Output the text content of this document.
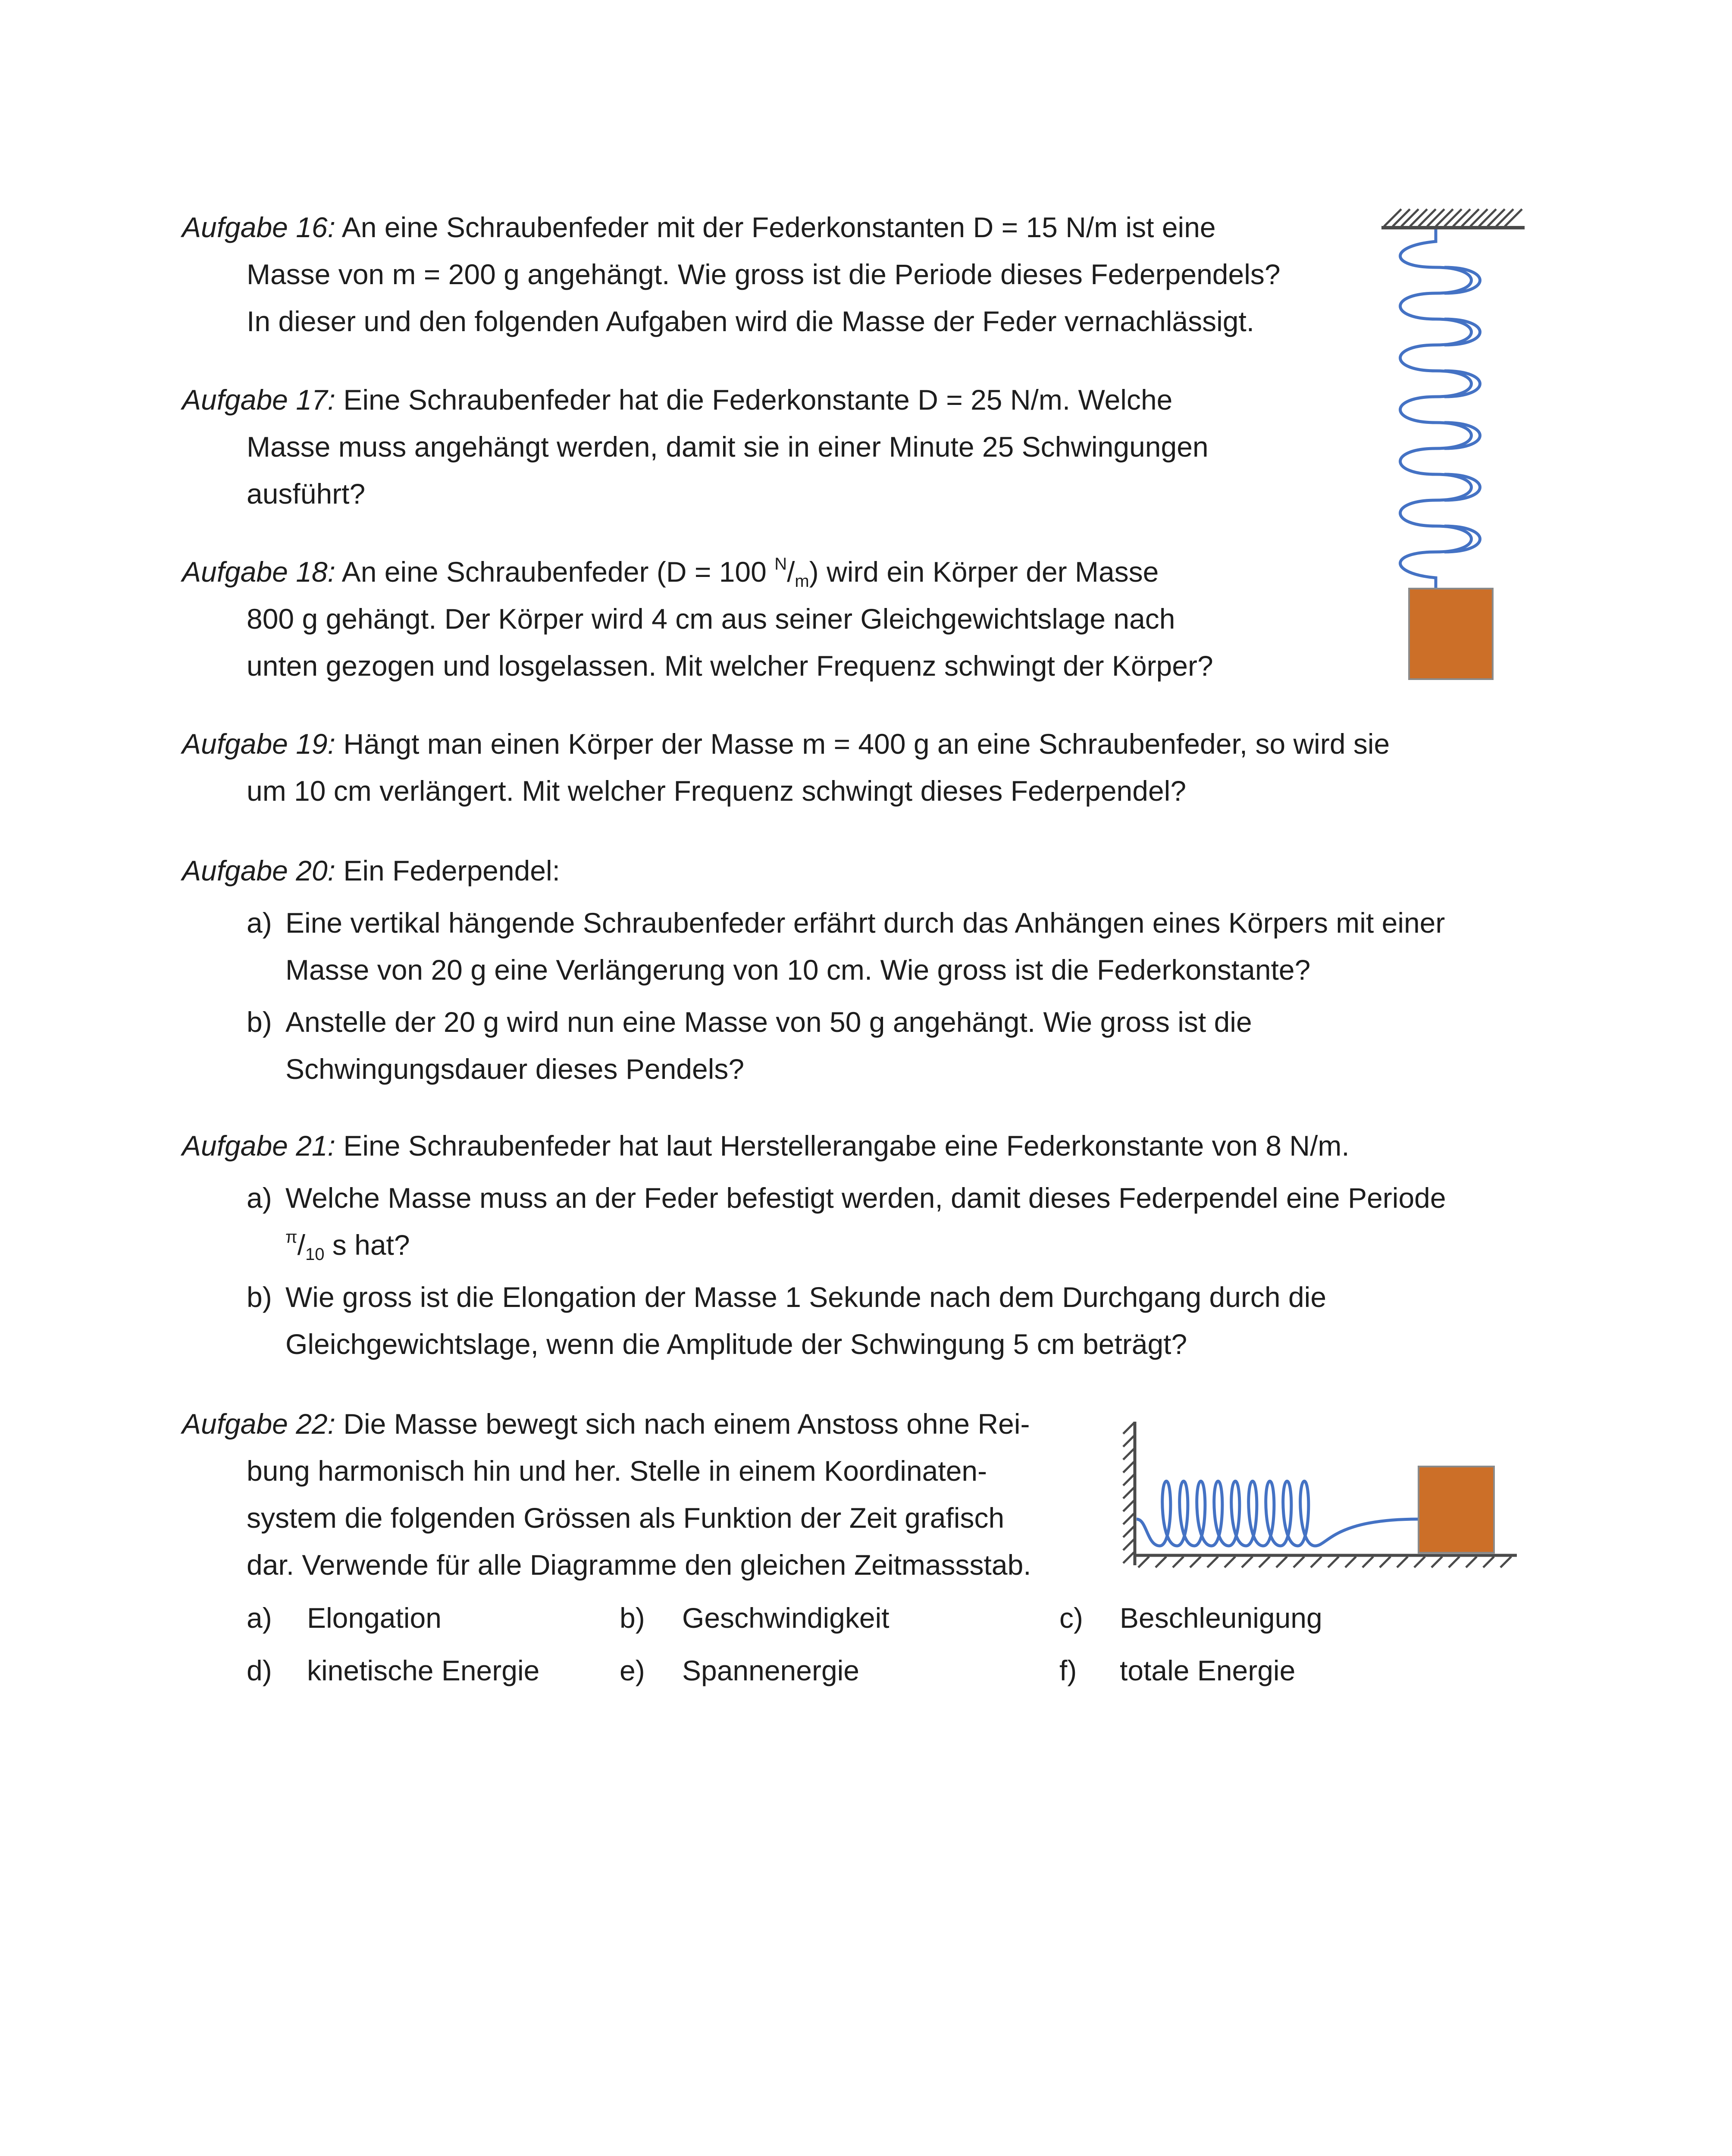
Aufgabe 16: An eine Schraubenfeder mit der Federkonstanten D = 15 N/m ist eine
Masse von m = 200 g angehängt. Wie gross ist die Periode dieses Federpendels?
In dieser und den folgenden Aufgaben wird die Masse der Feder vernachlässigt.
Aufgabe 17: Eine Schraubenfeder hat die Federkonstante D = 25 N/m. Welche
Masse muss angehängt werden, damit sie in einer Minute 25 Schwingungen
ausführt?
Aufgabe 18: An eine Schraubenfeder (D = 100 $^N/_m$) wird ein Körper der Masse
800 g gehängt. Der Körper wird 4 cm aus seiner Gleichgewichtslage nach
unten gezogen und losgelassen. Mit welcher Frequenz schwingt der Körper?
Aufgabe 19: Hängt man einen Körper der Masse m = 400 g an eine Schraubenfeder, so wird sie
um 10 cm verlängert. Mit welcher Frequenz schwingt dieses Federpendel?
Aufgabe 20: Ein Federpendel:
a) Eine vertikal hängende Schraubenfeder erfährt durch das Anhängen eines Körpers mit einer
Masse von 20 g eine Verlängerung von 10 cm. Wie gross ist die Federkonstante?
b) Anstelle der 20 g wird nun eine Masse von 50 g angehängt. Wie gross ist die
Schwingungsdauer dieses Pendels?
Aufgabe 21: Eine Schraubenfeder hat laut Herstellerangabe eine Federkonstante von 8 N/m.
a) Welche Masse muss an der Feder befestigt werden, damit dieses Federpendel eine Periode
$^\pi/_{10}$ s hat?
b) Wie gross ist die Elongation der Masse 1 Sekunde nach dem Durchgang durch die
Gleichgewichtslage, wenn die Amplitude der Schwingung 5 cm beträgt?
Aufgabe 22: Die Masse bewegt sich nach einem Anstoss ohne Rei-
bung harmonisch hin und her. Stelle in einem Koordinaten-
system die folgenden Grössen als Funktion der Zeit grafisch
dar. Verwende für alle Diagramme den gleichen Zeitmassstab.
a) Elongation	b) Geschwindigkeit	c) Beschleunigung
d) kinetische Energie	e) Spannenergie	f) totale Energie
